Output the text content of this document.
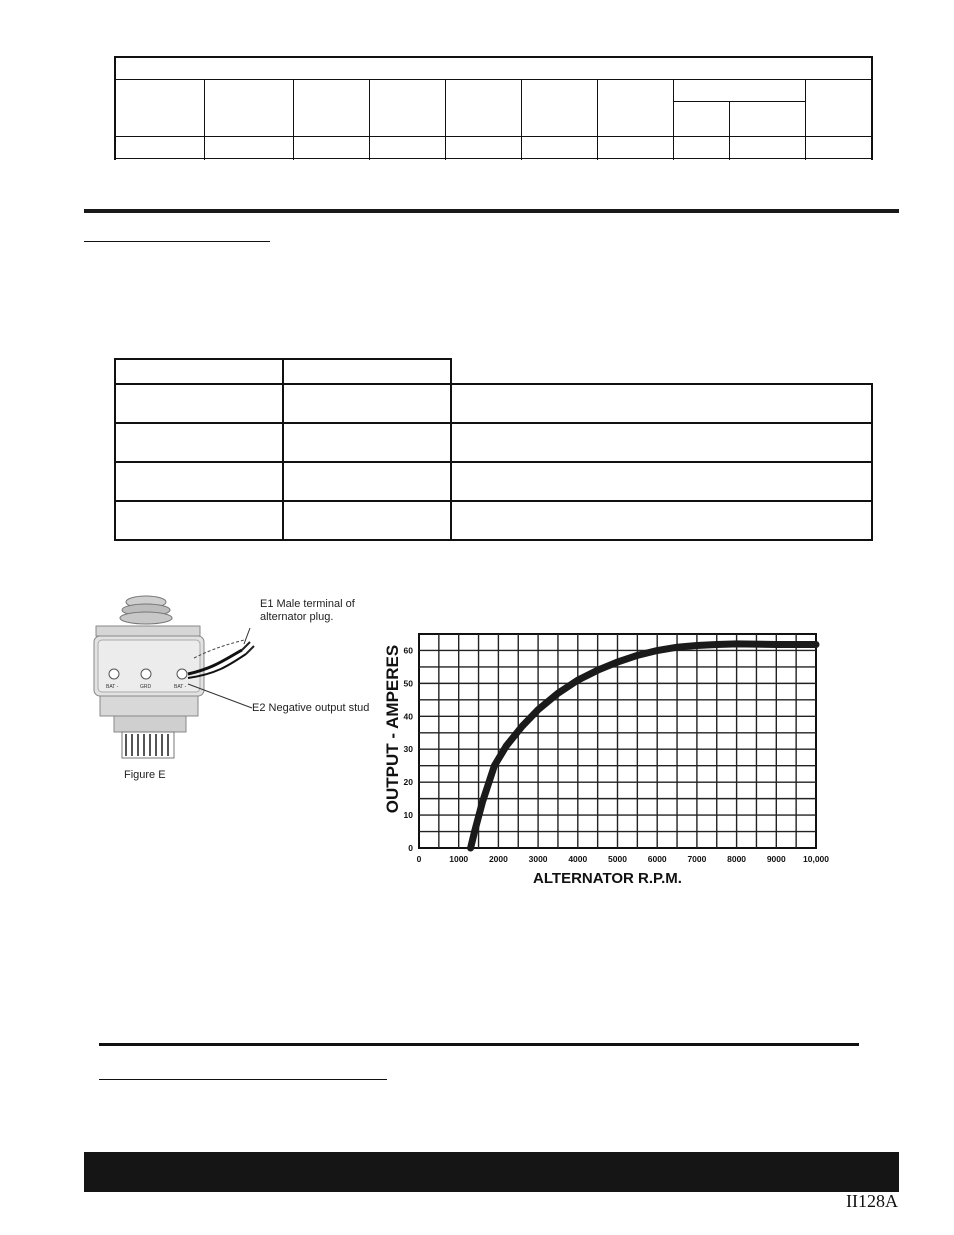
BAT -	GRD	BAT -
E1 Male terminal of
alternator plug.
E2 Negative output stud
Figure E
0
10
20
30
40
50
60
0	1000 2000 3000 4000 5000 6000 7000 8000 9000 10,000
OUTPUT - AMPERES
ALTERNATOR R.P.M.
II128A
